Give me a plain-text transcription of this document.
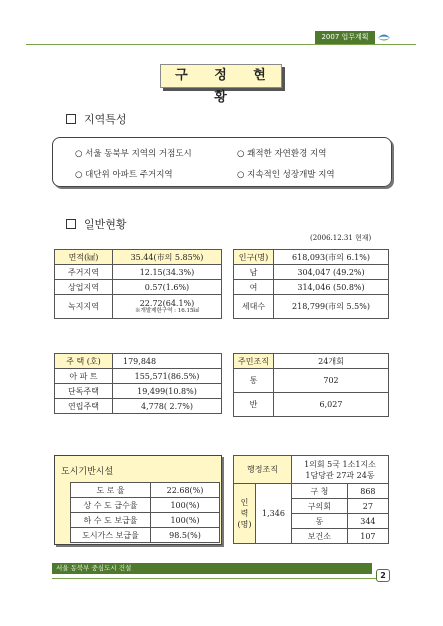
2007 업무계획
구 정 현 황
지역특성
○ 서울 동북부 지역의 거점도시	○ 쾌적한 자연환경 지역
○ 대단위 아파트 주거지역	○ 지속적인 성장개발 지역
일반현황
(2006.12.31 현재)
면적(㎢)	35.44(市의 5.85%)
주거지역	12.15(34.3%)
상업지역	0.57(1.6%)
녹지지역	22.72(64.1%)
※개발제한구역 : 16.15㎢
인구(명)	618,093(市의 6.1%)
남	304,047 (49.2%)
여	314,046 (50.8%)
세대수	218,799(市의 5.5%)
주 택 (호)	179,848
아 파 트	155,571(86.5%)
단독주택	19,499(10.8%)
연립주택	4,778( 2.7%)
주민조직	24개회
통	702
반	6,027
도시기반시설
도 로 율	22.68(%)
상 수 도 급수율	100(%)
하 수 도 보급율	100(%)
도시가스 보급율	98.5(%)
행정조직		1의회 5국 1소1지소
1담당관 27과 24동	
인
력
(명)	1,346	구 청	868
		구의회	27
		동	344
		보건소	107
서울 동북부 중심도시 건설
2
